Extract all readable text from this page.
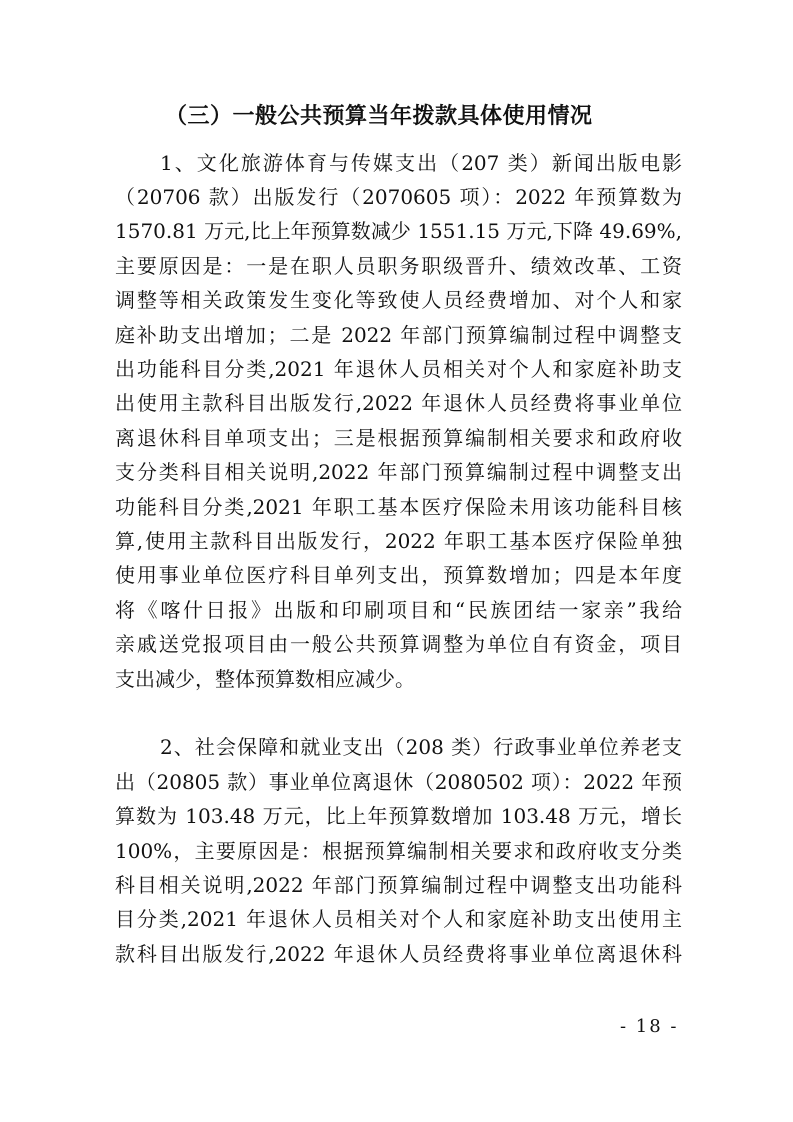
（三）一般公共预算当年拨款具体使用情况
1、文化旅游体育与传媒支出（207 类）新闻出版电影
（20706 款）出版发行（2070605 项）：2022 年预算数为
1570.81 万元,比上年预算数减少 1551.15 万元,下降 49.69%,
主要原因是：一是在职人员职务职级晋升、绩效改革、工资
调整等相关政策发生变化等致使人员经费增加、对个人和家
庭补助支出增加；二是 2022 年部门预算编制过程中调整支
出功能科目分类,2021 年退休人员相关对个人和家庭补助支
出使用主款科目出版发行,2022 年退休人员经费将事业单位
离退休科目单项支出；三是根据预算编制相关要求和政府收
支分类科目相关说明,2022 年部门预算编制过程中调整支出
功能科目分类,2021 年职工基本医疗保险未用该功能科目核
算,使用主款科目出版发行，2022 年职工基本医疗保险单独
使用事业单位医疗科目单列支出，预算数增加；四是本年度
将《喀什日报》出版和印刷项目和“民族团结一家亲”我给
亲戚送党报项目由一般公共预算调整为单位自有资金，项目
支出减少，整体预算数相应减少。
2、社会保障和就业支出（208 类）行政事业单位养老支
出（20805 款）事业单位离退休（2080502 项）：2022 年预
算数为 103.48 万元，比上年预算数增加 103.48 万元，增长
100%，主要原因是：根据预算编制相关要求和政府收支分类
科目相关说明,2022 年部门预算编制过程中调整支出功能科
目分类,2021 年退休人员相关对个人和家庭补助支出使用主
款科目出版发行,2022 年退休人员经费将事业单位离退休科
- 18 -
